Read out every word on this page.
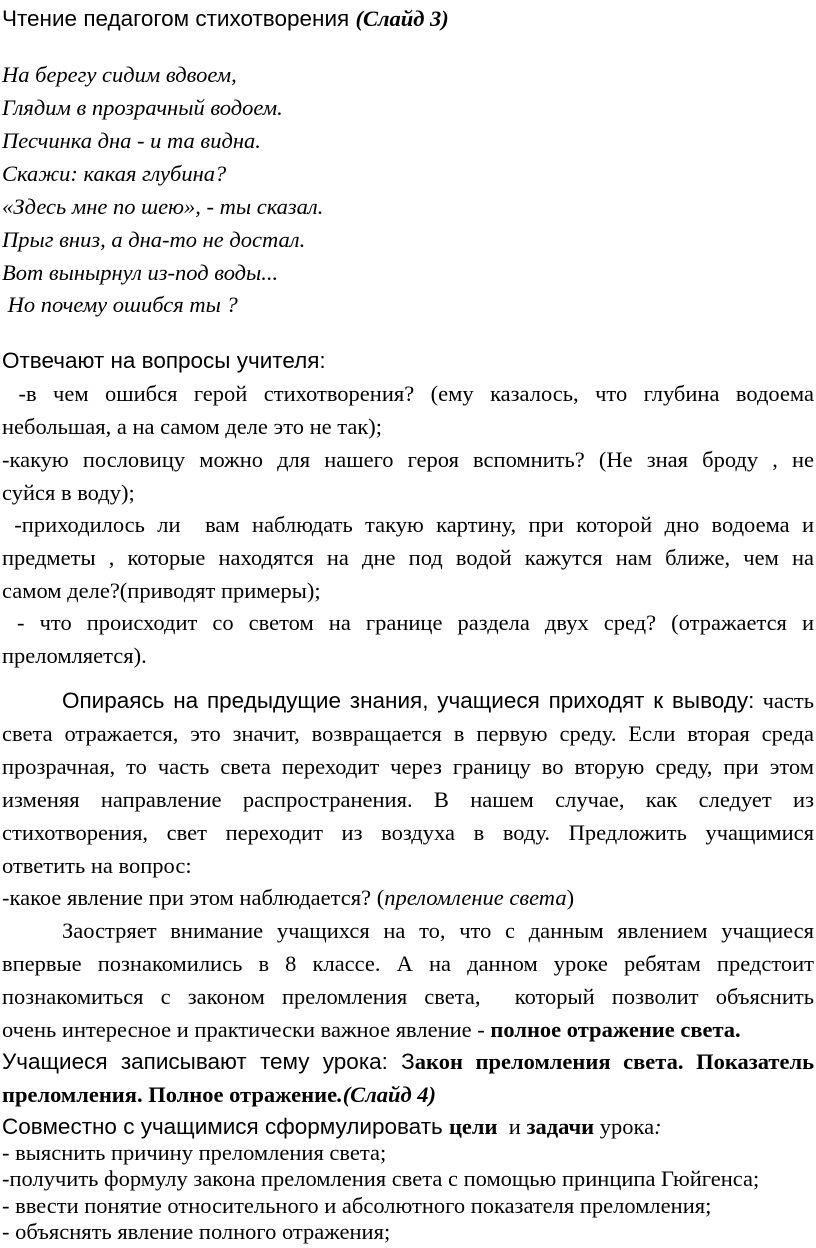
Чтение педагогом стихотворения (Слайд 3)
На берегу сидим вдвоем,
Глядим в прозрачный водоем.
Песчинка дна - и та видна.
Скажи: какая глубина?
«Здесь мне по шею», - ты сказал.
Прыг вниз, а дна-то не достал.
Вот вынырнул из-под воды...
Но почему ошибся ты ?
Отвечают на вопросы учителя:
-в чем ошибся герой стихотворения? (ему казалось, что глубина водоема
небольшая, а на самом деле это не так);
-какую пословицу можно для нашего героя вспомнить? (Не зная броду , не
суйся в воду);
-приходилось ли  вам наблюдать такую картину, при которой дно водоема и
предметы , которые находятся на дне под водой кажутся нам ближе, чем на
самом деле?(приводят примеры);
- что происходит со светом на границе раздела двух сред? (отражается и
преломляется).
Опираясь на предыдущие знания, учащиеся приходят к выводу: часть
света отражается, это значит, возвращается в первую среду. Если вторая среда
прозрачная, то часть света переходит через границу во вторую среду, при этом
изменяя направление распространения. В нашем случае, как следует из
стихотворения, свет переходит из воздуха в воду. Предложить учащимися
ответить на вопрос:
-какое явление при этом наблюдается? (преломление света)
Заостряет внимание учащихся на то, что с данным явлением учащиеся
впервые познакомились в 8 классе. А на данном уроке ребятам предстоит
познакомиться с законом преломления света,  который позволит объяснить
очень интересное и практически важное явление - полное отражение света.
Учащиеся записывают тему урока: Закон преломления света. Показатель
преломления. Полное отражение.(Слайд 4)
Совместно с учащимися сформулировать цели  и задачи урока:
- выяснить причину преломления света;
-получить формулу закона преломления света с помощью принципа Гюйгенса;
- ввести понятие относительного и абсолютного показателя преломления;
- объяснять явление полного отражения;
